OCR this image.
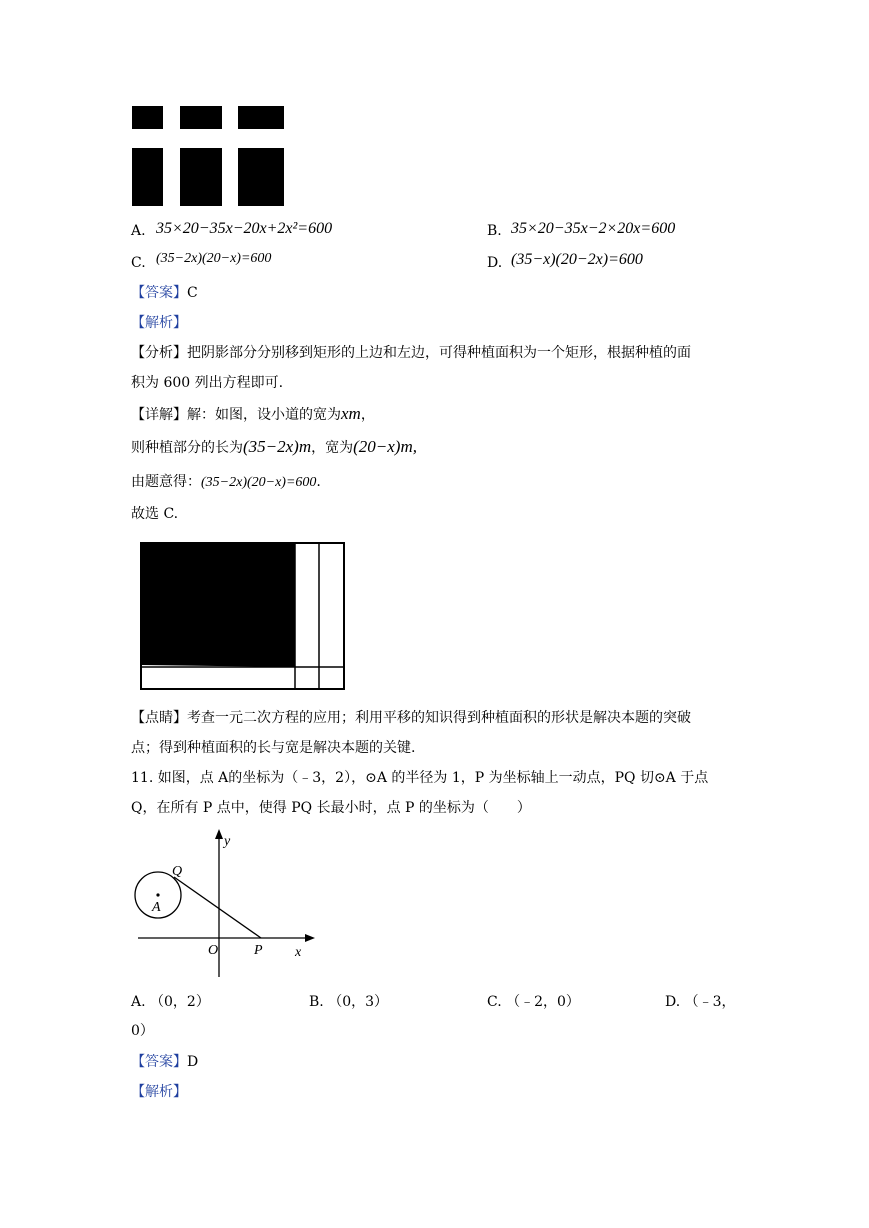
A. 35×20−35x−20x+2x²=600	B. 35×20−35x−2×20x=600
C. (35−2x)(20−x)=600	D. (35−x)(20−2x)=600
【答案】C
【解析】
【分析】把阴影部分分别移到矩形的上边和左边，可得种植面积为一个矩形，根据种植的面
积为 600 列出方程即可.
【详解】解：如图，设小道的宽为xm，
则种植部分的长为(35−2x)m，宽为(20−x)m,
由题意得：(35−2x)(20−x)=600.
故选 C.
【点睛】考查一元二次方程的应用；利用平移的知识得到种植面积的形状是解决本题的突破
点；得到种植面积的长与宽是解决本题的关键.
11. 如图，点 A的坐标为（﹣3，2），⊙A 的半径为 1，P 为坐标轴上一动点，PQ 切⊙A 于点
Q，在所有 P 点中，使得 PQ 长最小时，点 P 的坐标为（　　）
y
Q
A
O	P x
A. （0，2）	B. （0，3）	C. （﹣2，0）	D. （﹣3，
0）
【答案】D
【解析】
